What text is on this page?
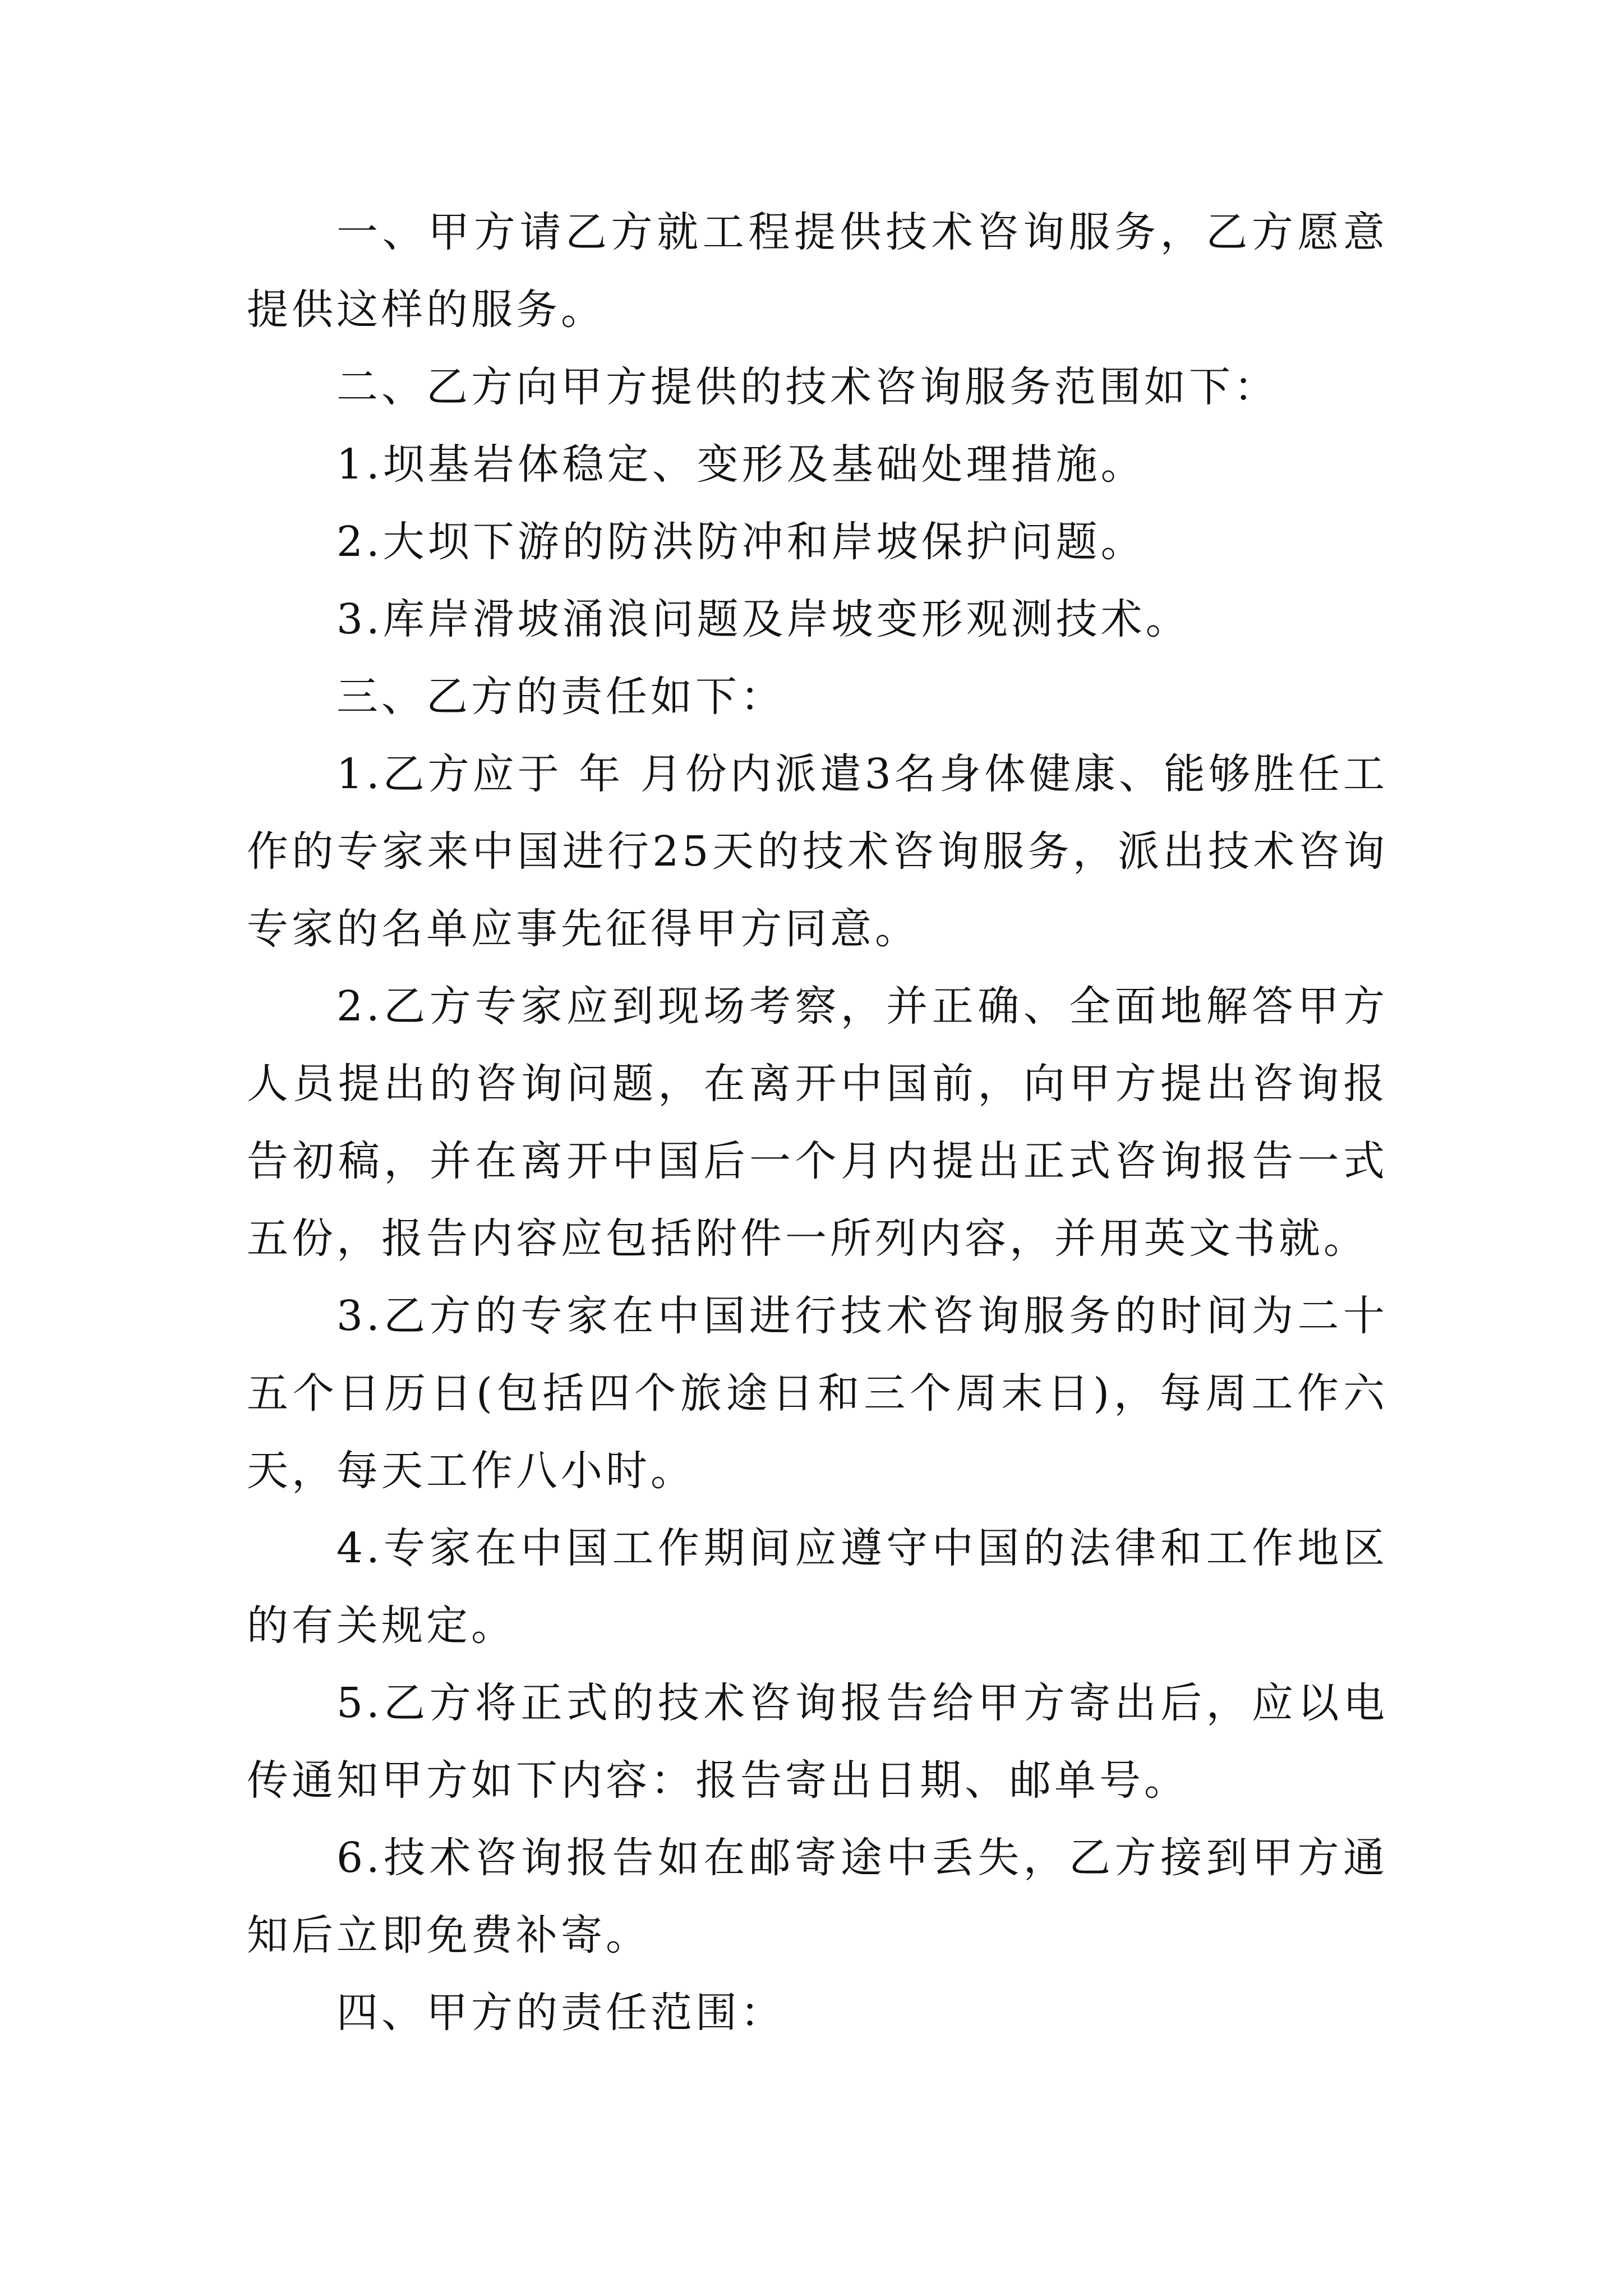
一、甲方请乙方就工程提供技术咨询服务，乙方愿意提供这样的服务。

二、乙方向甲方提供的技术咨询服务范围如下：

1.坝基岩体稳定、变形及基础处理措施。

2.大坝下游的防洪防冲和岸坡保护问题。

3.库岸滑坡涌浪问题及岸坡变形观测技术。

三、乙方的责任如下：

1.乙方应于 年 月份内派遣3名身体健康、能够胜任工作的专家来中国进行25天的技术咨询服务，派出技术咨询专家的名单应事先征得甲方同意。

2.乙方专家应到现场考察，并正确、全面地解答甲方人员提出的咨询问题，在离开中国前，向甲方提出咨询报告初稿，并在离开中国后一个月内提出正式咨询报告一式五份，报告内容应包括附件一所列内容，并用英文书就。

3.乙方的专家在中国进行技术咨询服务的时间为二十五个日历日(包括四个旅途日和三个周末日)，每周工作六天，每天工作八小时。

4.专家在中国工作期间应遵守中国的法律和工作地区的有关规定。

5.乙方将正式的技术咨询报告给甲方寄出后，应以电传通知甲方如下内容：报告寄出日期、邮单号。

6.技术咨询报告如在邮寄途中丢失，乙方接到甲方通知后立即免费补寄。

四、甲方的责任范围：
